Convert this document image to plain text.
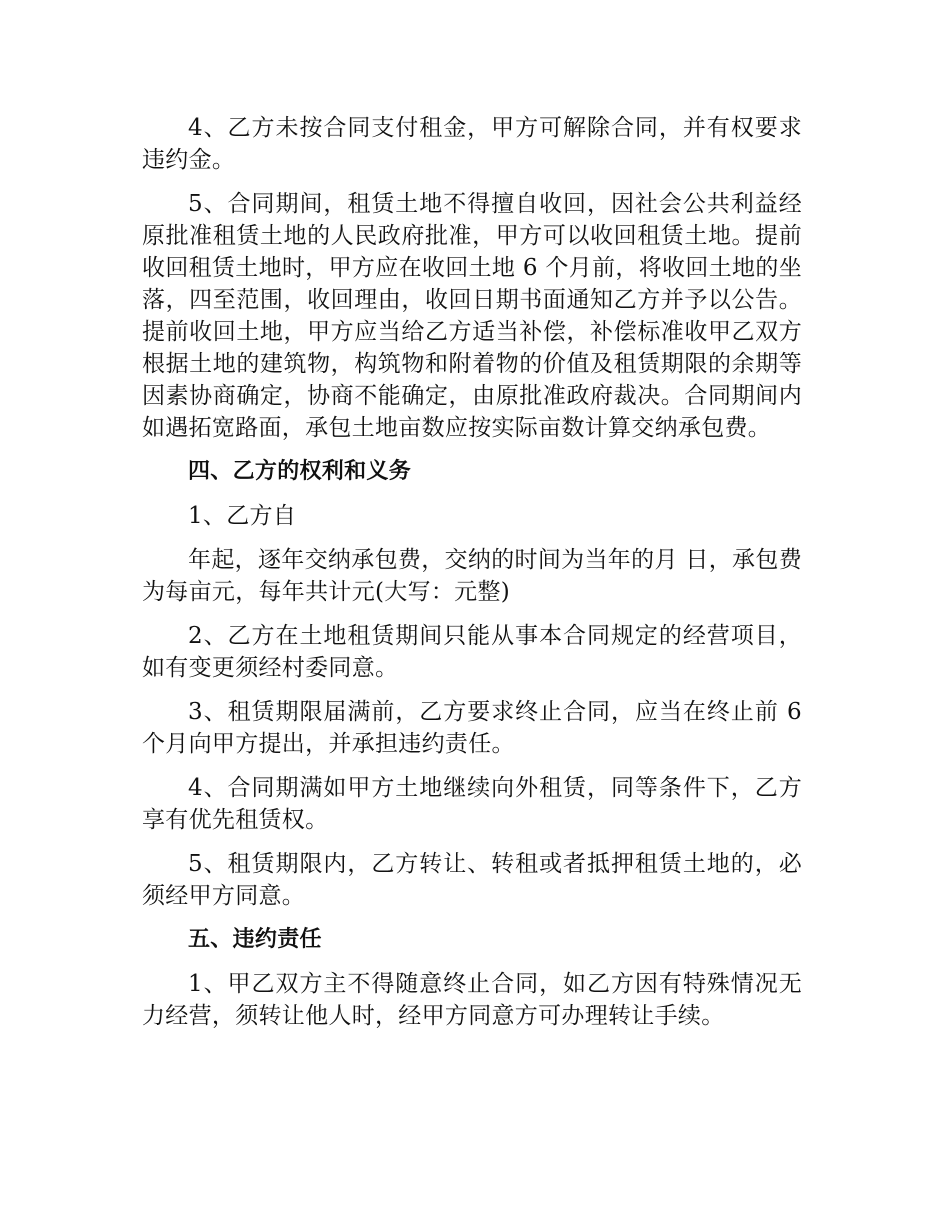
4、乙方未按合同支付租金，甲方可解除合同，并有权要求违约金。

5、合同期间，租赁土地不得擅自收回，因社会公共利益经原批准租赁土地的人民政府批准，甲方可以收回租赁土地。提前收回租赁土地时，甲方应在收回土地 6 个月前，将收回土地的坐落，四至范围，收回理由，收回日期书面通知乙方并予以公告。提前收回土地，甲方应当给乙方适当补偿，补偿标准收甲乙双方根据土地的建筑物，构筑物和附着物的价值及租赁期限的余期等因素协商确定，协商不能确定，由原批准政府裁决。合同期间内如遇拓宽路面，承包土地亩数应按实际亩数计算交纳承包费。

四、乙方的权利和义务

1、乙方自

年起，逐年交纳承包费，交纳的时间为当年的月 日，承包费为每亩元，每年共计元(大写：元整)

2、乙方在土地租赁期间只能从事本合同规定的经营项目，如有变更须经村委同意。

3、租赁期限届满前，乙方要求终止合同，应当在终止前 6 个月向甲方提出，并承担违约责任。

4、合同期满如甲方土地继续向外租赁，同等条件下，乙方享有优先租赁权。

5、租赁期限内，乙方转让、转租或者抵押租赁土地的，必须经甲方同意。

五、违约责任

1、甲乙双方主不得随意终止合同，如乙方因有特殊情况无力经营，须转让他人时，经甲方同意方可办理转让手续。
